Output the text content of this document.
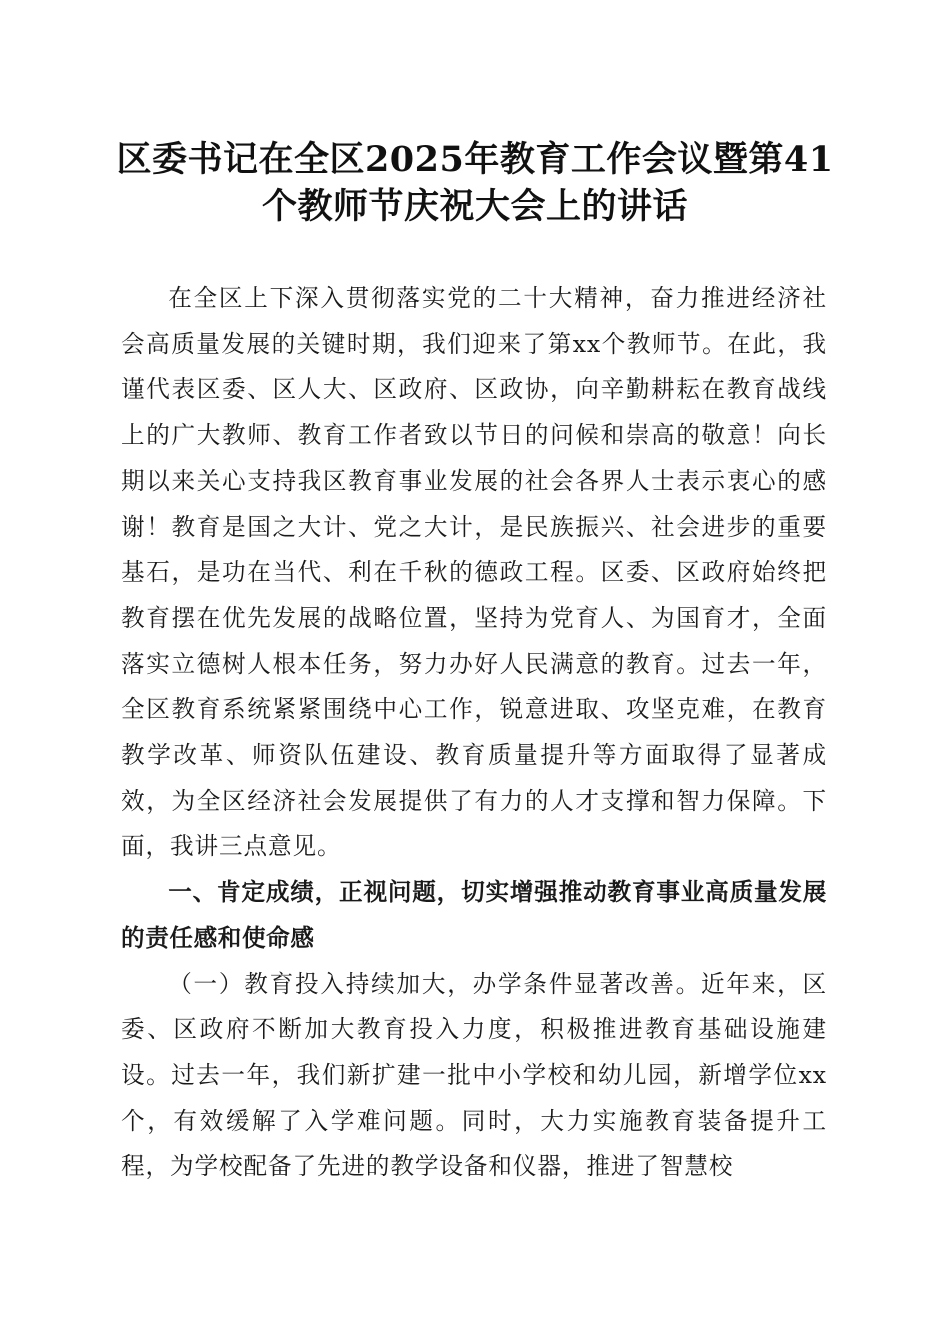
区委书记在全区2025年教育工作会议暨第41
个教师节庆祝大会上的讲话

在全区上下深入贯彻落实党的二十大精神，奋力推进经济社会高质量发展的关键时期，我们迎来了第xx个教师节。在此，我谨代表区委、区人大、区政府、区政协，向辛勤耕耘在教育战线上的广大教师、教育工作者致以节日的问候和崇高的敬意！向长期以来关心支持我区教育事业发展的社会各界人士表示衷心的感谢！教育是国之大计、党之大计，是民族振兴、社会进步的重要基石，是功在当代、利在千秋的德政工程。区委、区政府始终把教育摆在优先发展的战略位置，坚持为党育人、为国育才，全面落实立德树人根本任务，努力办好人民满意的教育。过去一年，全区教育系统紧紧围绕中心工作，锐意进取、攻坚克难，在教育教学改革、师资队伍建设、教育质量提升等方面取得了显著成效，为全区经济社会发展提供了有力的人才支撑和智力保障。下面，我讲三点意见。

一、肯定成绩，正视问题，切实增强推动教育事业高质量发展的责任感和使命感

（一）教育投入持续加大，办学条件显著改善。近年来，区委、区政府不断加大教育投入力度，积极推进教育基础设施建设。过去一年，我们新扩建一批中小学校和幼儿园，新增学位xx个，有效缓解了入学难问题。同时，大力实施教育装备提升工程，为学校配备了先进的教学设备和仪器，推进了智慧校
